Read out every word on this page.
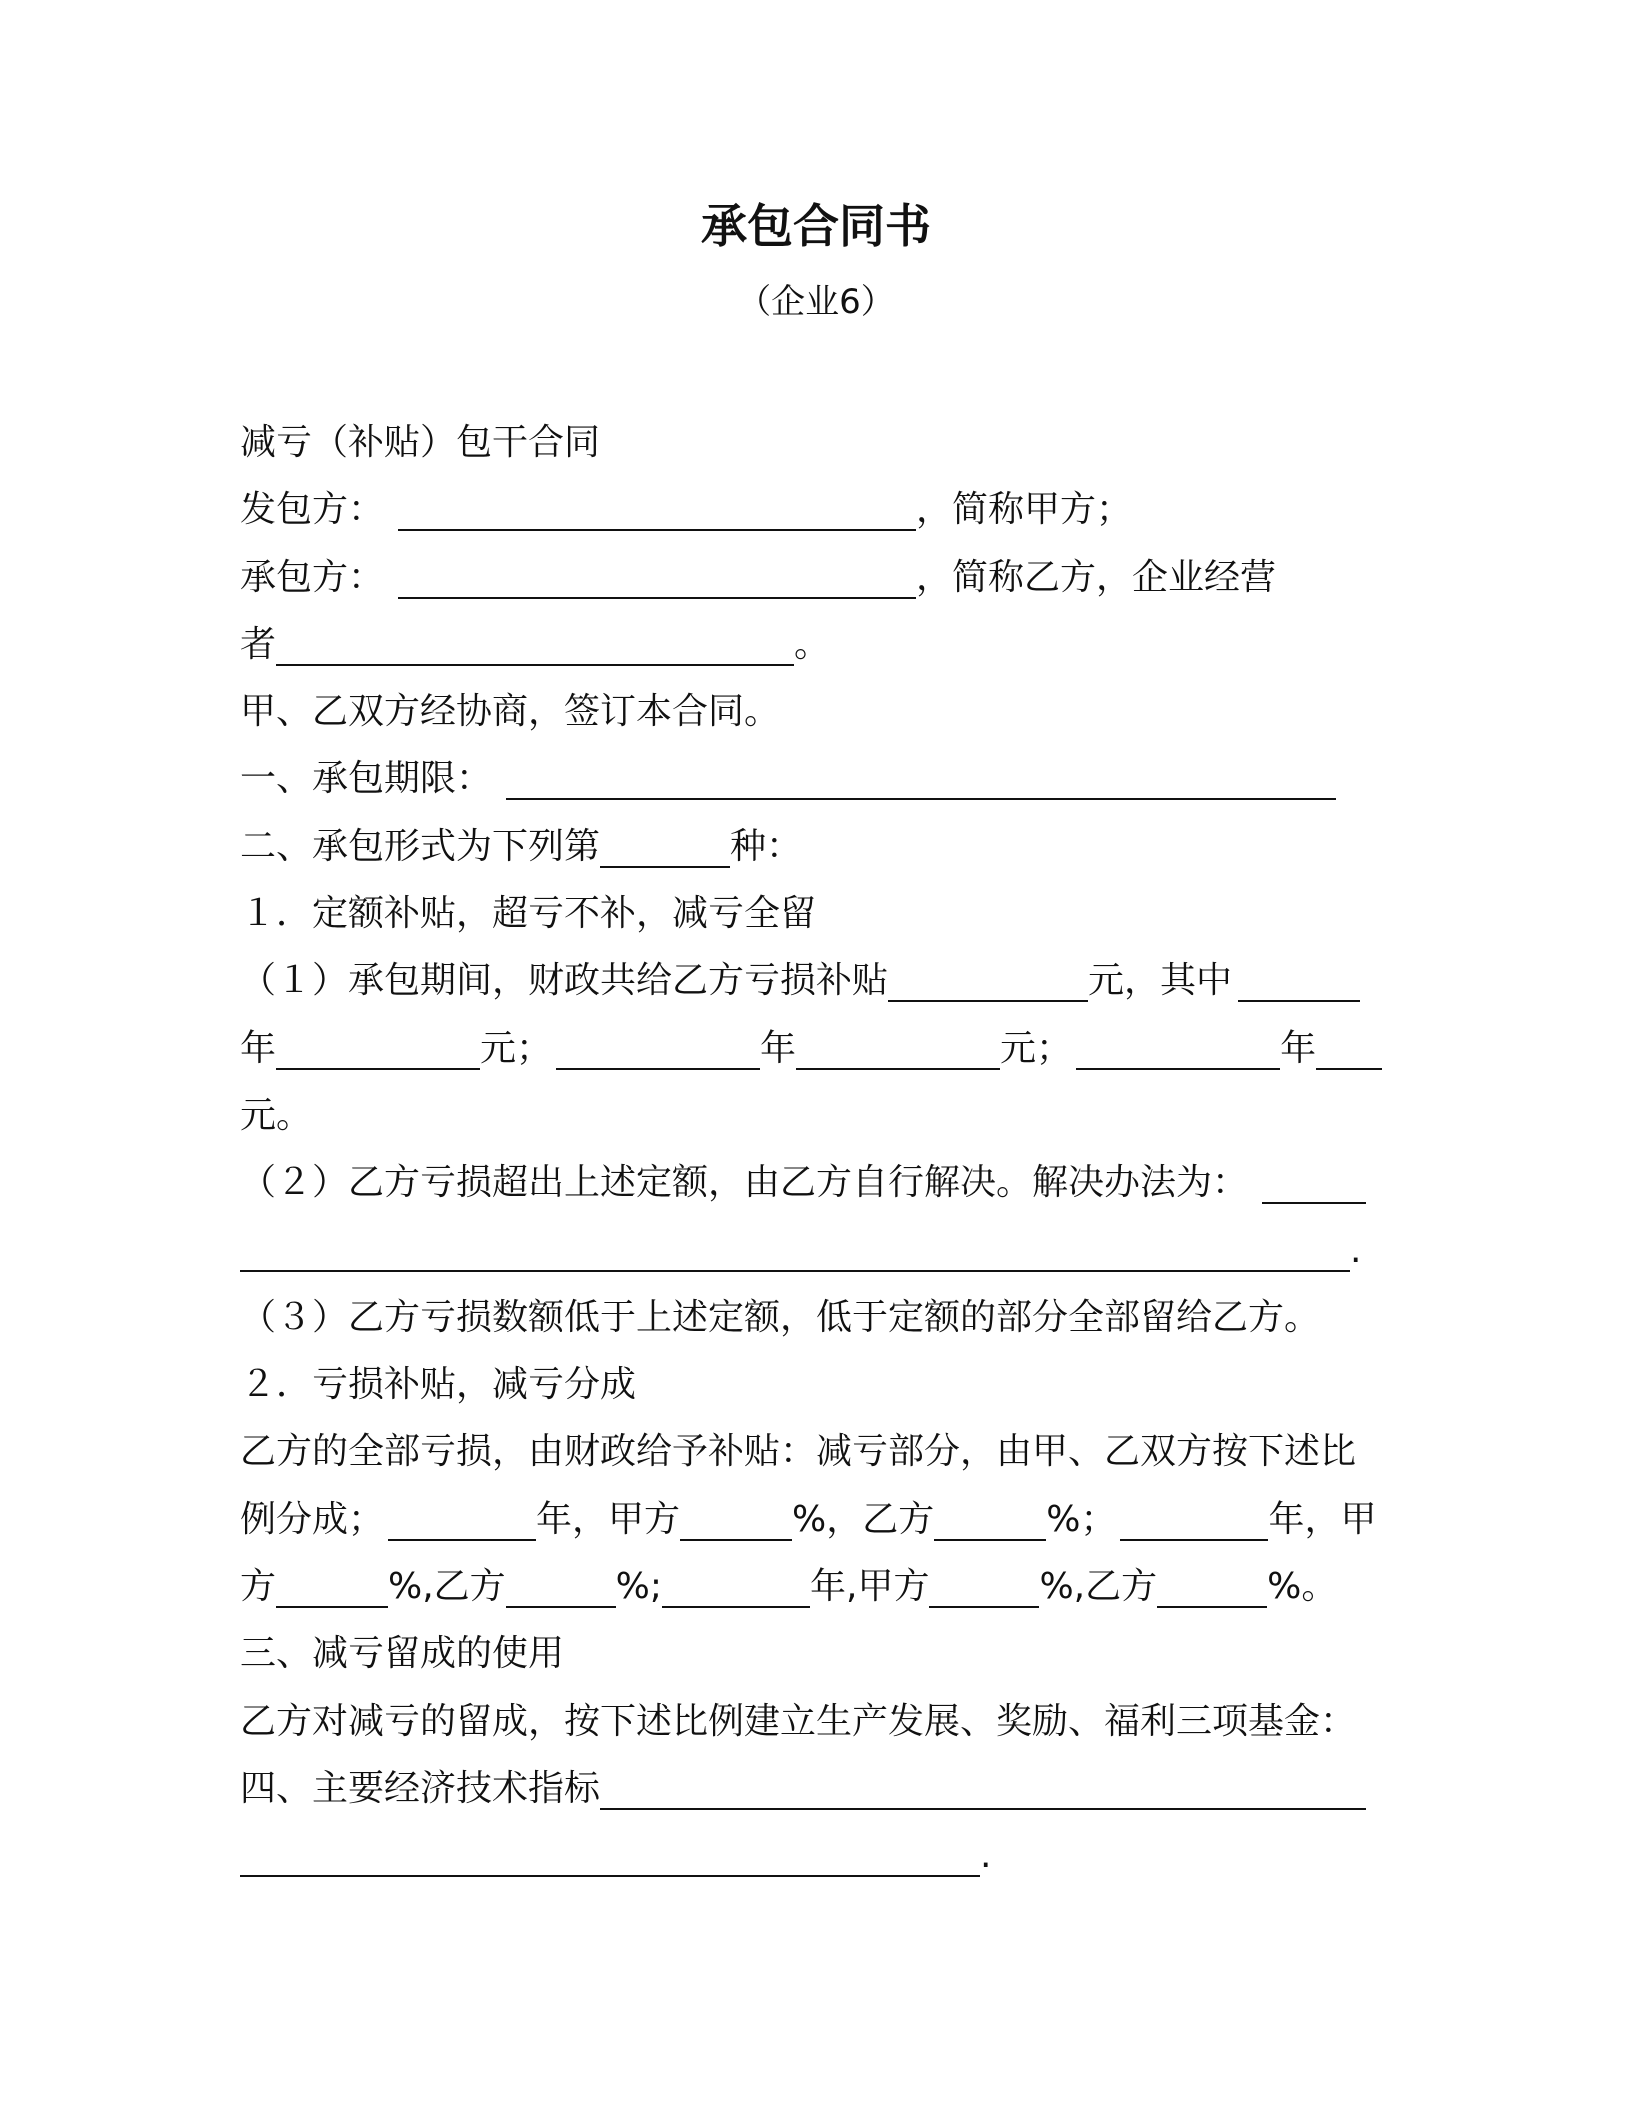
承包合同书
（企业6）
减亏（补贴）包干合同
发包方：	，简称甲方；
承包方：	，简称乙方，企业经营
者	。
甲、乙双方经协商，签订本合同。
一、承包期限：
二、承包形式为下列第	种：
１．定额补贴，超亏不补，减亏全留
（１）承包期间，财政共给乙方亏损补贴	元，其中
年	元；	年	元；	年
元。
（２）乙方亏损超出上述定额，由乙方自行解决。解决办法为：
.
（３）乙方亏损数额低于上述定额，低于定额的部分全部留给乙方。
２．亏损补贴，减亏分成
乙方的全部亏损，由财政给予补贴：减亏部分，由甲、乙双方按下述比
例分成；	年，甲方	%，乙方	%；	年，甲
方	%,乙方	%;	年,甲方	%,乙方	%。
三、减亏留成的使用
乙方对减亏的留成，按下述比例建立生产发展、奖励、福利三项基金：
四、主要经济技术指标
.
